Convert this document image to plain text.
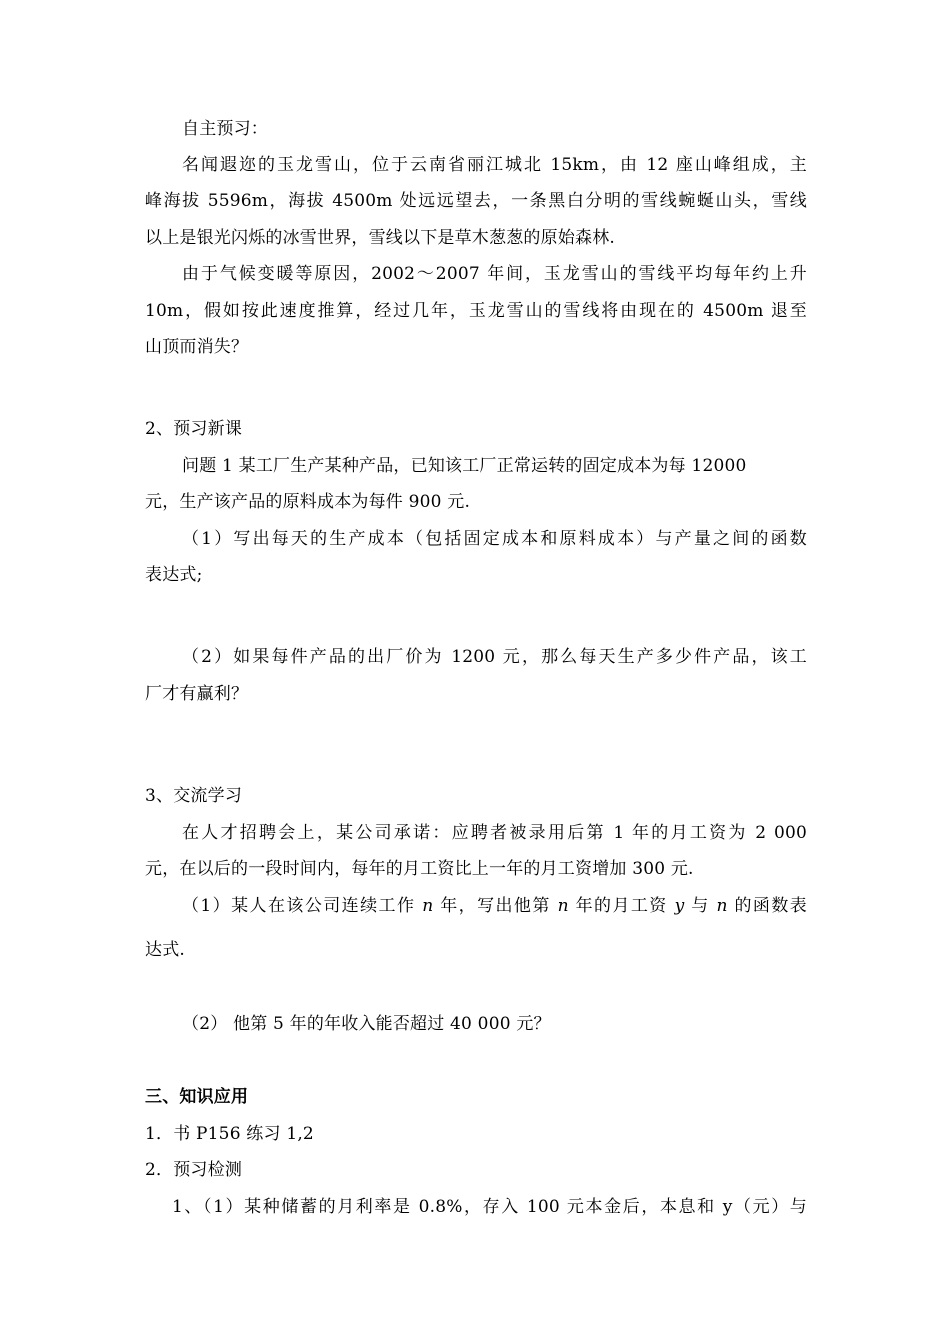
自主预习：
名闻遐迩的玉龙雪山，位于云南省丽江城北 15km，由 12 座山峰组成，主
峰海拔 5596m，海拔 4500m 处远远望去，一条黑白分明的雪线蜿蜒山头，雪线
以上是银光闪烁的冰雪世界，雪线以下是草木葱葱的原始森林.
由于气候变暖等原因，2002～2007 年间，玉龙雪山的雪线平均每年约上升
10m，假如按此速度推算，经过几年，玉龙雪山的雪线将由现在的 4500m 退至
山顶而消失？
2、预习新课
问题 1 某工厂生产某种产品，已知该工厂正常运转的固定成本为每 12000
元，生产该产品的原料成本为每件 900 元.
（1）写出每天的生产成本（包括固定成本和原料成本）与产量之间的函数
表达式;
（2）如果每件产品的出厂价为 1200 元，那么每天生产多少件产品，该工
厂才有赢利？
3、交流学习
在人才招聘会上，某公司承诺：应聘者被录用后第 1 年的月工资为 2 000
元，在以后的一段时间内，每年的月工资比上一年的月工资增加 300 元.
（1）某人在该公司连续工作 n 年，写出他第 n 年的月工资 y 与 n 的函数表
达式.
（2） 他第 5 年的年收入能否超过 40 000 元？
三、知识应用
1．书 P156 练习 1,2
2．预习检测
1、（1）某种储蓄的月利率是 0.8%，存入 100 元本金后，本息和 y（元）与
